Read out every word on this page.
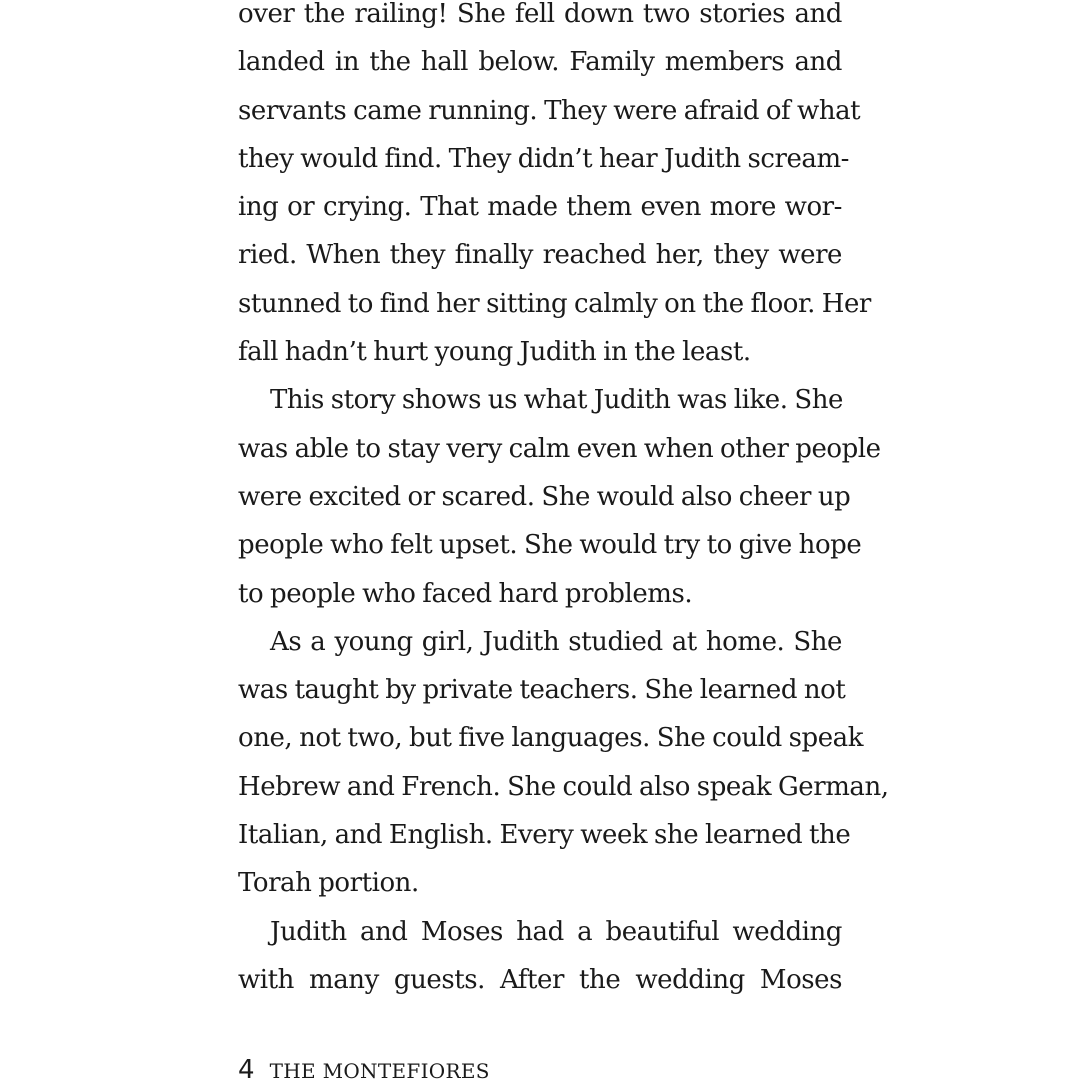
over the railing! She fell down two stories and
landed in the hall below. Family members and
servants came running. They were afraid of what
they would find. They didn’t hear Judith scream-
ing or crying. That made them even more wor-
ried. When they finally reached her, they were
stunned to find her sitting calmly on the floor. Her
fall hadn’t hurt young Judith in the least.
This story shows us what Judith was like. She
was able to stay very calm even when other people
were excited or scared. She would also cheer up
people who felt upset. She would try to give hope
to people who faced hard problems.
As a young girl, Judith studied at home. She
was taught by private teachers. She learned not
one, not two, but five languages. She could speak
Hebrew and French. She could also speak German,
Italian, and English. Every week she learned the
Torah portion.
Judith and Moses had a beautiful wedding
with many guests. After the wedding Moses
4 THE MONTEFIORES
